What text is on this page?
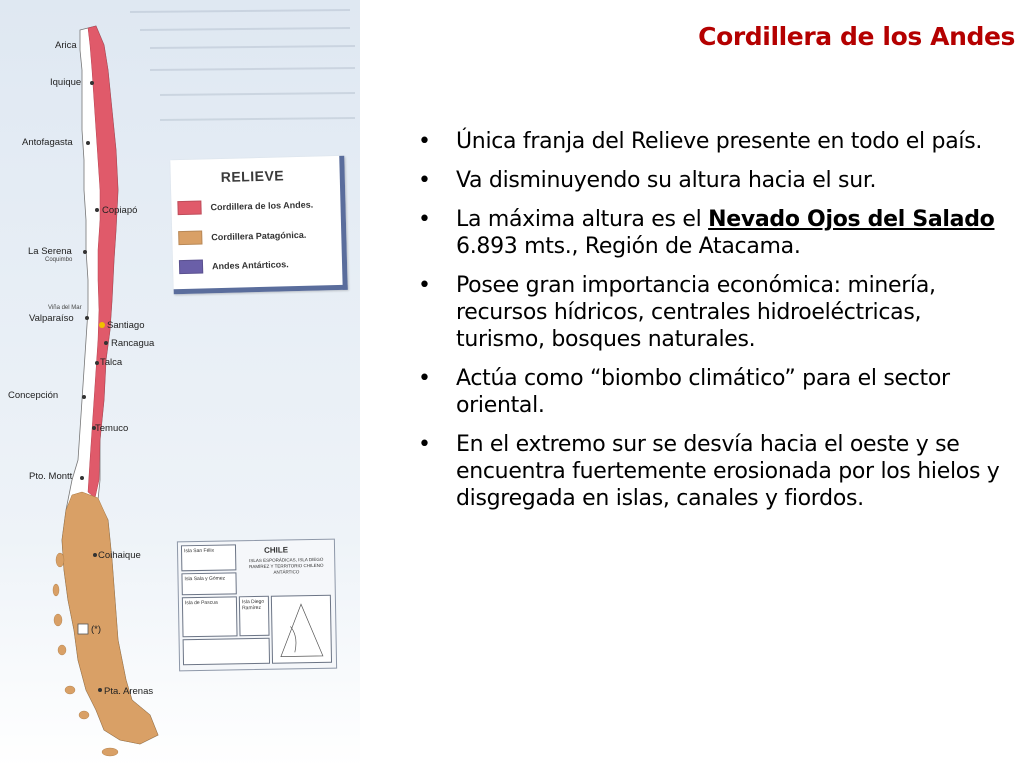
Arica
Iquique
Antofagasta
Copiapó
La Serena
Coquimbo
Viña del Mar
Valparaíso
Santiago
Rancagua
Talca
Concepción
Temuco
Pto. Montt
Coihaique
(*)
Pta. Arenas
RELIEVE
Cordillera de los Andes.
Cordillera Patagónica.
Andes Antárticos.
Isla San Félix
Isla Sala y Gómez
Isla de Pascua	Isla Diego Ramírez
CHILE
ISLAS ESPORÁDICAS, ISLA DIEGO RAMÍREZ Y TERRITORIO CHILENO ANTÁRTICO
Cordillera de los Andes
• Única franja del Relieve presente en todo el país.
• Va disminuyendo su altura hacia el sur.
• La máxima altura es el Nevado Ojos del Salado 6.893 mts., Región de Atacama.
• Posee gran importancia económica: minería, recursos hídricos, centrales hidroeléctricas, turismo, bosques naturales.
• Actúa como “biombo climático” para el sector oriental.
• En el extremo sur se desvía hacia el oeste y se encuentra fuertemente erosionada por los hielos y disgregada en islas, canales y fiordos.
